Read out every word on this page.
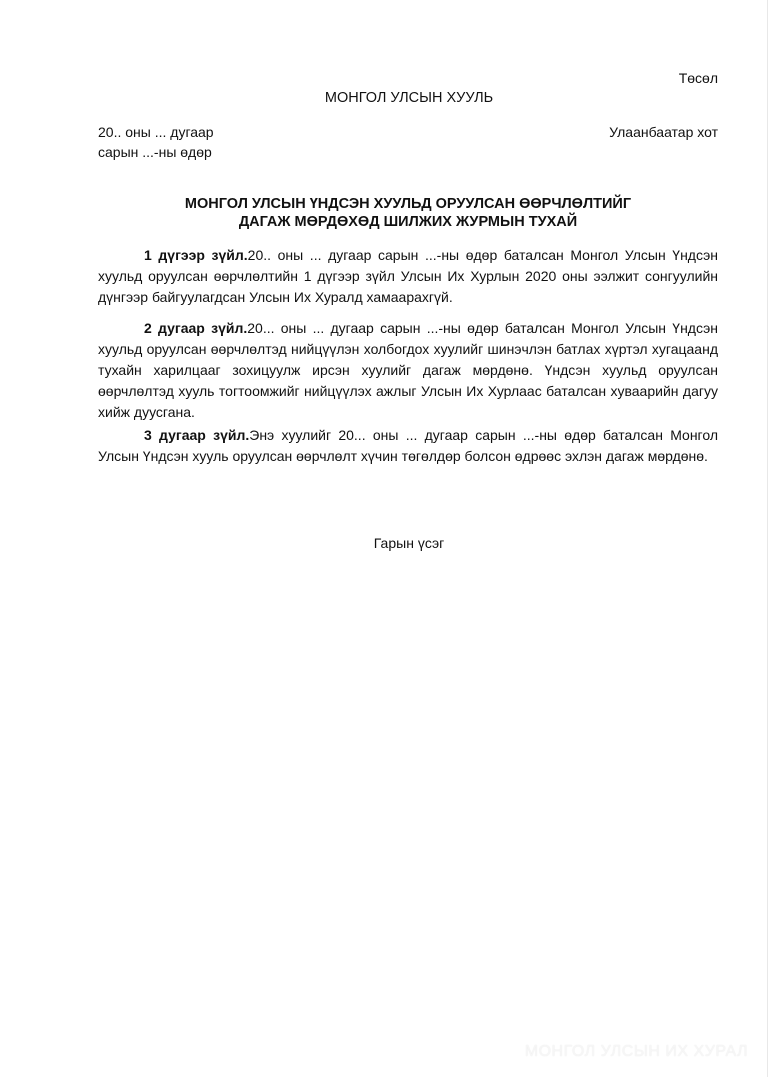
Төсөл
МОНГОЛ УЛСЫН ХУУЛЬ
20.. оны ... дугаар
сарын ...-ны өдөр
Улаанбаатар хот
МОНГОЛ УЛСЫН ҮНДСЭН ХУУЛЬД ОРУУЛСАН ӨӨРЧЛӨЛТИЙГ
ДАГАЖ МӨРДӨХӨД ШИЛЖИХ ЖУРМЫН ТУХАЙ

1 дүгээр зүйл.20.. оны ... дугаар сарын ...-ны өдөр баталсан Монгол Улсын Үндсэн хуульд оруулсан өөрчлөлтийн 1 дүгээр зүйл Улсын Их Хурлын 2020 оны ээлжит сонгуулийн дүнгээр байгуулагдсан Улсын Их Хуралд хамаарахгүй.

2 дугаар зүйл.20... оны ... дугаар сарын ...-ны өдөр баталсан Монгол Улсын Үндсэн хуульд оруулсан өөрчлөлтэд нийцүүлэн холбогдох хуулийг шинэчлэн батлах хүртэл хугацаанд тухайн харилцааг зохицуулж ирсэн хуулийг дагаж мөрдөнө. Үндсэн хуульд оруулсан өөрчлөлтэд хууль тогтоомжийг нийцүүлэх ажлыг Улсын Их Хурлаас баталсан хуваарийн дагуу хийж дуусгана.

3 дугаар зүйл.Энэ хуулийг 20... оны ... дугаар сарын ...-ны өдөр баталсан Монгол Улсын Үндсэн хууль оруулсан өөрчлөлт хүчин төгөлдөр болсон өдрөөс эхлэн дагаж мөрдөнө.

Гарын үсэг
МОНГОЛ УЛСЫН ИХ ХУРАЛ
